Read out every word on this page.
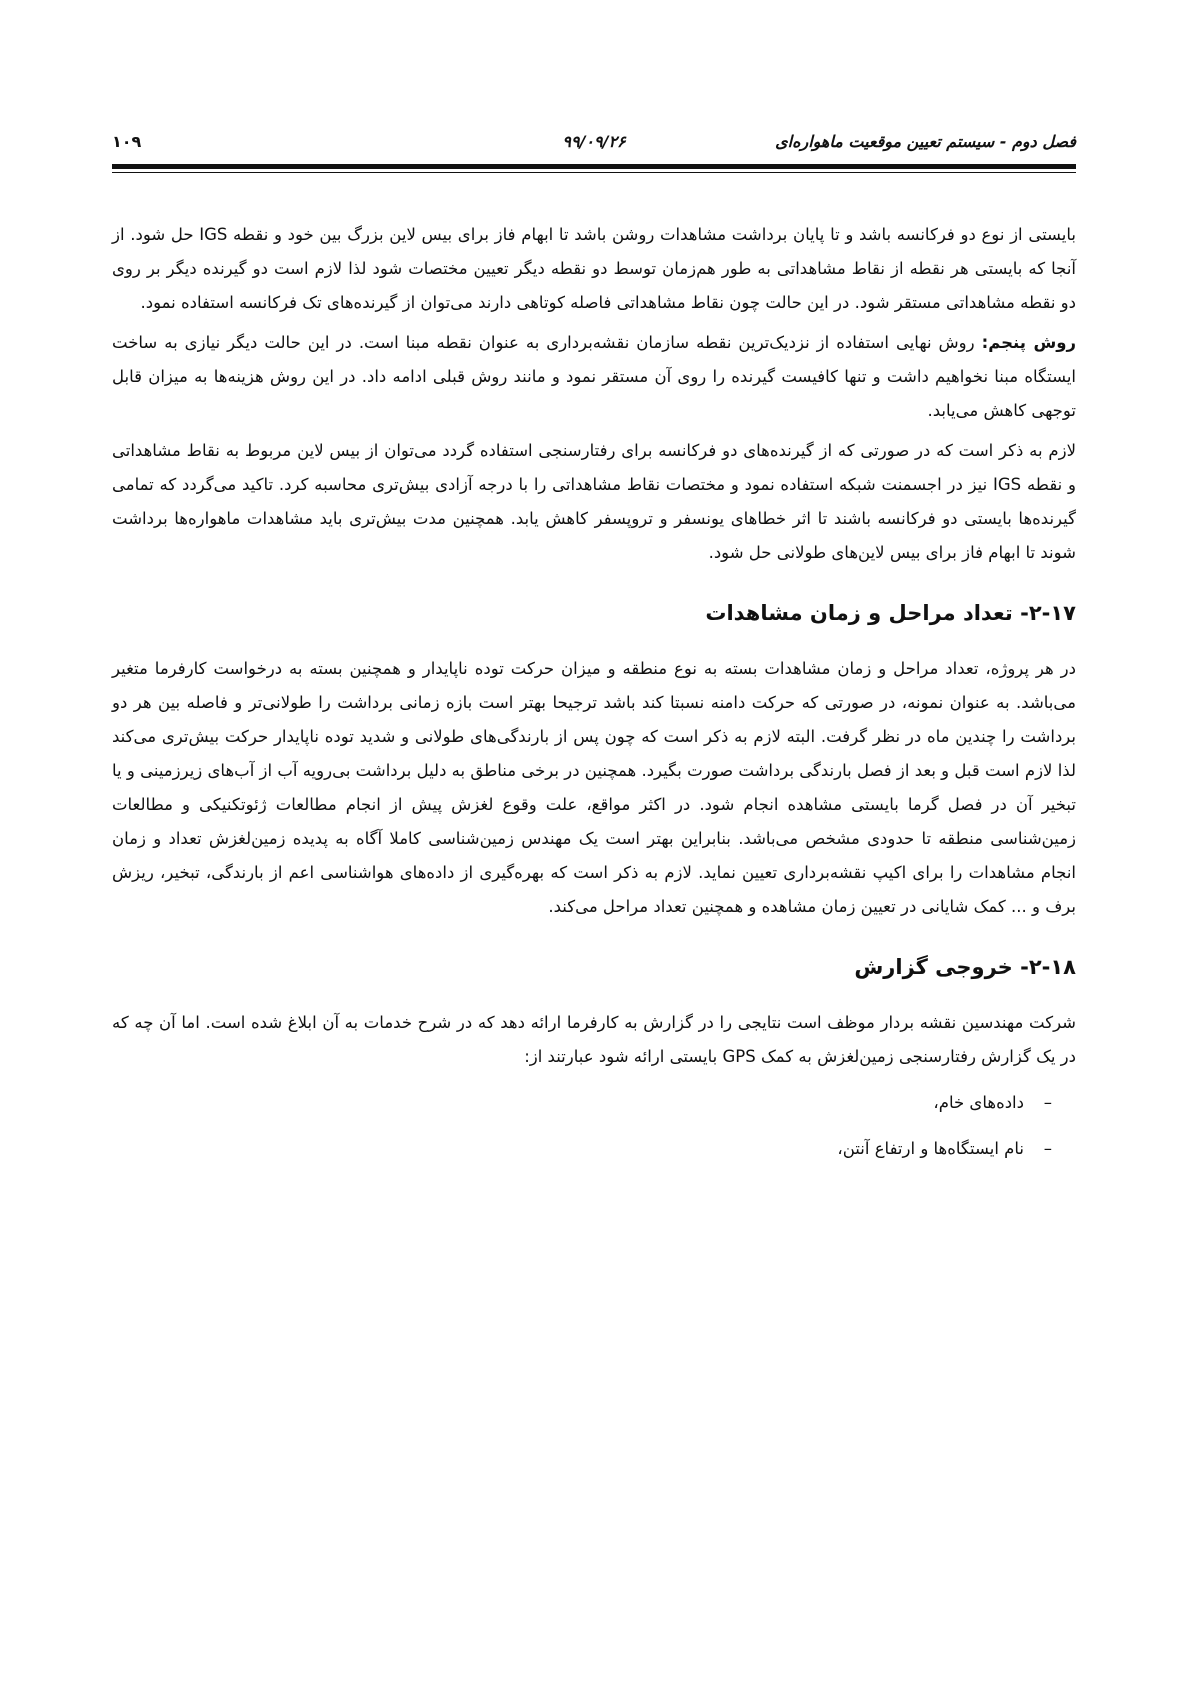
فصل دوم - سیستم تعیین موقعیت ماهواره‌ای
۹۹/۰۹/۲۶
۱۰۹

بایستی از نوع دو فرکانسه باشد و تا پایان برداشت مشاهدات روشن باشد تا ابهام فاز برای بیس لاین بزرگ بین خود و نقطه IGS حل شود. از آنجا که بایستی هر نقطه از نقاط مشاهداتی به طور هم‌زمان توسط دو نقطه دیگر تعیین مختصات شود لذا لازم است دو گیرنده دیگر بر روی دو نقطه مشاهداتی مستقر شود. در این حالت چون نقاط مشاهداتی فاصله کوتاهی دارند می‌توان از گیرنده‌های تک فرکانسه استفاده نمود.

روش پنجم: روش نهایی استفاده از نزدیک‌ترین نقطه سازمان نقشه‌برداری به عنوان نقطه مبنا است. در این حالت دیگر نیازی به ساخت ایستگاه مبنا نخواهیم داشت و تنها کافیست گیرنده را روی آن مستقر نمود و مانند روش قبلی ادامه داد. در این روش هزینه‌ها به میزان قابل توجهی کاهش می‌یابد.

لازم به ذکر است که در صورتی که از گیرنده‌های دو فرکانسه برای رفتارسنجی استفاده گردد می‌توان از بیس لاین مربوط به نقاط مشاهداتی و نقطه IGS نیز در اجسمنت شبکه استفاده نمود و مختصات نقاط مشاهداتی را با درجه آزادی بیش‌تری محاسبه کرد. تاکید می‌گردد که تمامی گیرنده‌ها بایستی دو فرکانسه باشند تا اثر خطاهای یونسفر و تروپسفر کاهش یابد. همچنین مدت بیش‌تری باید مشاهدات ماهواره‌ها برداشت شوند تا ابهام فاز برای بیس لاین‌های طولانی حل شود.

۲-۱۷- تعداد مراحل و زمان مشاهدات

در هر پروژه، تعداد مراحل و زمان مشاهدات بسته به نوع منطقه و میزان حرکت توده ناپایدار و همچنین بسته به درخواست کارفرما متغیر می‌باشد. به عنوان نمونه، در صورتی که حرکت دامنه نسبتا کند باشد ترجیحا بهتر است بازه زمانی برداشت را طولانی‌تر و فاصله بین هر دو برداشت را چندین ماه در نظر گرفت. البته لازم به ذکر است که چون پس از بارندگی‌های طولانی و شدید توده ناپایدار حرکت بیش‌تری می‌کند لذا لازم است قبل و بعد از فصل بارندگی برداشت صورت بگیرد. همچنین در برخی مناطق به دلیل برداشت بی‌رویه آب از آب‌های زیرزمینی و یا تبخیر آن در فصل گرما بایستی مشاهده انجام شود. در اکثر مواقع، علت وقوع لغزش پیش از انجام مطالعات ژئوتکنیکی و مطالعات زمین‌شناسی منطقه تا حدودی مشخص می‌باشد. بنابراین بهتر است یک مهندس زمین‌شناسی کاملا آگاه به پدیده زمین‌لغزش تعداد و زمان انجام مشاهدات را برای اکیپ نقشه‌برداری تعیین نماید. لازم به ذکر است که بهره‌گیری از داده‌های هواشناسی اعم از بارندگی، تبخیر، ریزش برف و ... کمک شایانی در تعیین زمان مشاهده و همچنین تعداد مراحل می‌کند.

۲-۱۸- خروجی گزارش

شرکت مهندسین نقشه بردار موظف است نتایجی را در گزارش به کارفرما ارائه دهد که در شرح خدمات به آن ابلاغ شده است. اما آن چه که در یک گزارش رفتارسنجی زمین‌لغزش به کمک GPS بایستی ارائه شود عبارتند از:

–داده‌های خام،
–نام ایستگاه‌ها و ارتفاع آنتن،
